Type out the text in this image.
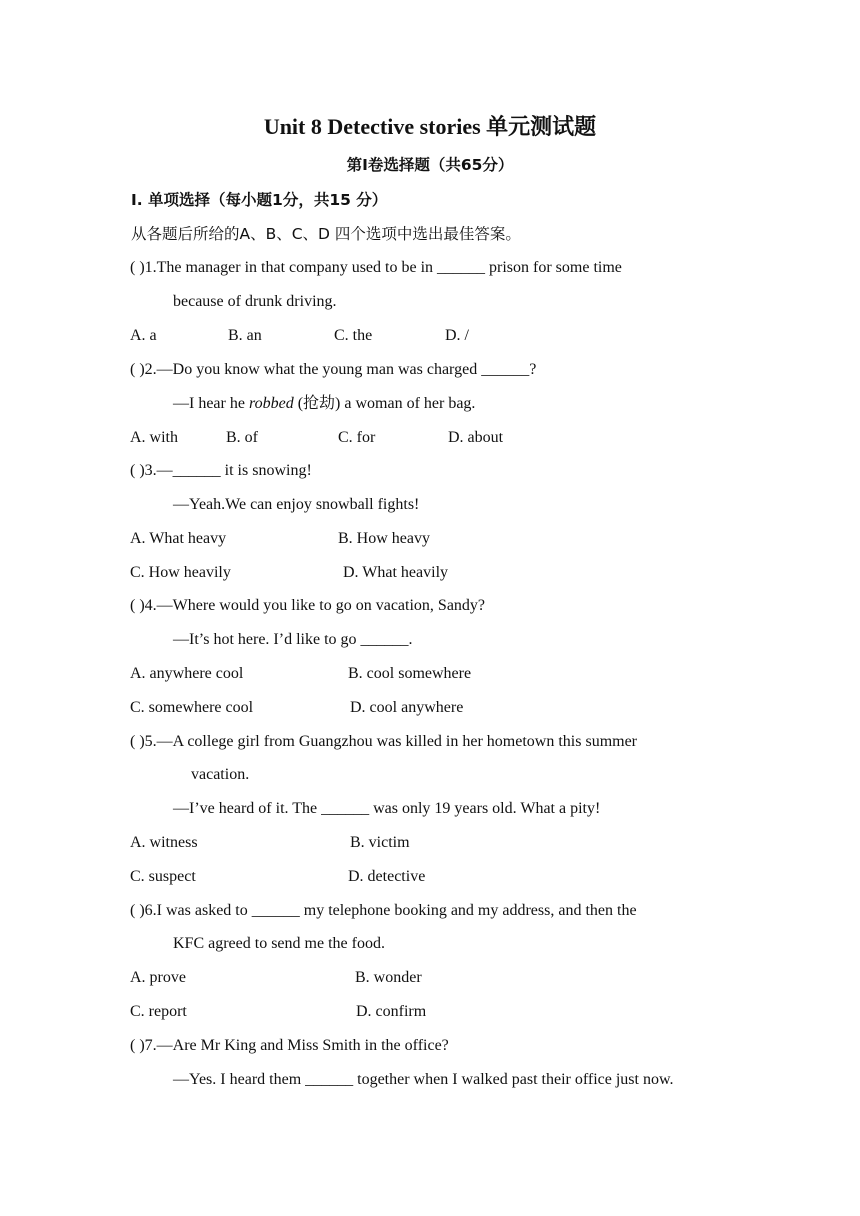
Unit 8 Detective stories 单元测试题
第Ⅰ卷选择题（共65分）
Ⅰ. 单项选择（每小题1分，共15 分）
从各题后所给的A、B、C、D 四个选项中选出最佳答案。
( )1.The manager in that company used to be in ______ prison for some time
because of drunk driving.
A. a	B. an	C. the	D. /
( )2.—Do you know what the young man was charged ______?
—I hear he robbed (抢劫) a woman of her bag.
A. with	B. of	C. for	D. about
( )3.—______ it is snowing!
—Yeah.We can enjoy snowball fights!
A. What heavy	B. How heavy
C. How heavily	D. What heavily
( )4.—Where would you like to go on vacation, Sandy?
—It’s hot here. I’d like to go ______.
A. anywhere cool	B. cool somewhere
C. somewhere cool	D. cool anywhere
( )5.—A college girl from Guangzhou was killed in her hometown this summer
vacation.
—I’ve heard of it. The ______ was only 19 years old. What a pity!
A. witness	B. victim
C. suspect	D. detective
( )6.I was asked to ______ my telephone booking and my address, and then the
KFC agreed to send me the food.
A. prove	B. wonder
C. report	D. confirm
( )7.—Are Mr King and Miss Smith in the office?
—Yes. I heard them ______ together when I walked past their office just now.
